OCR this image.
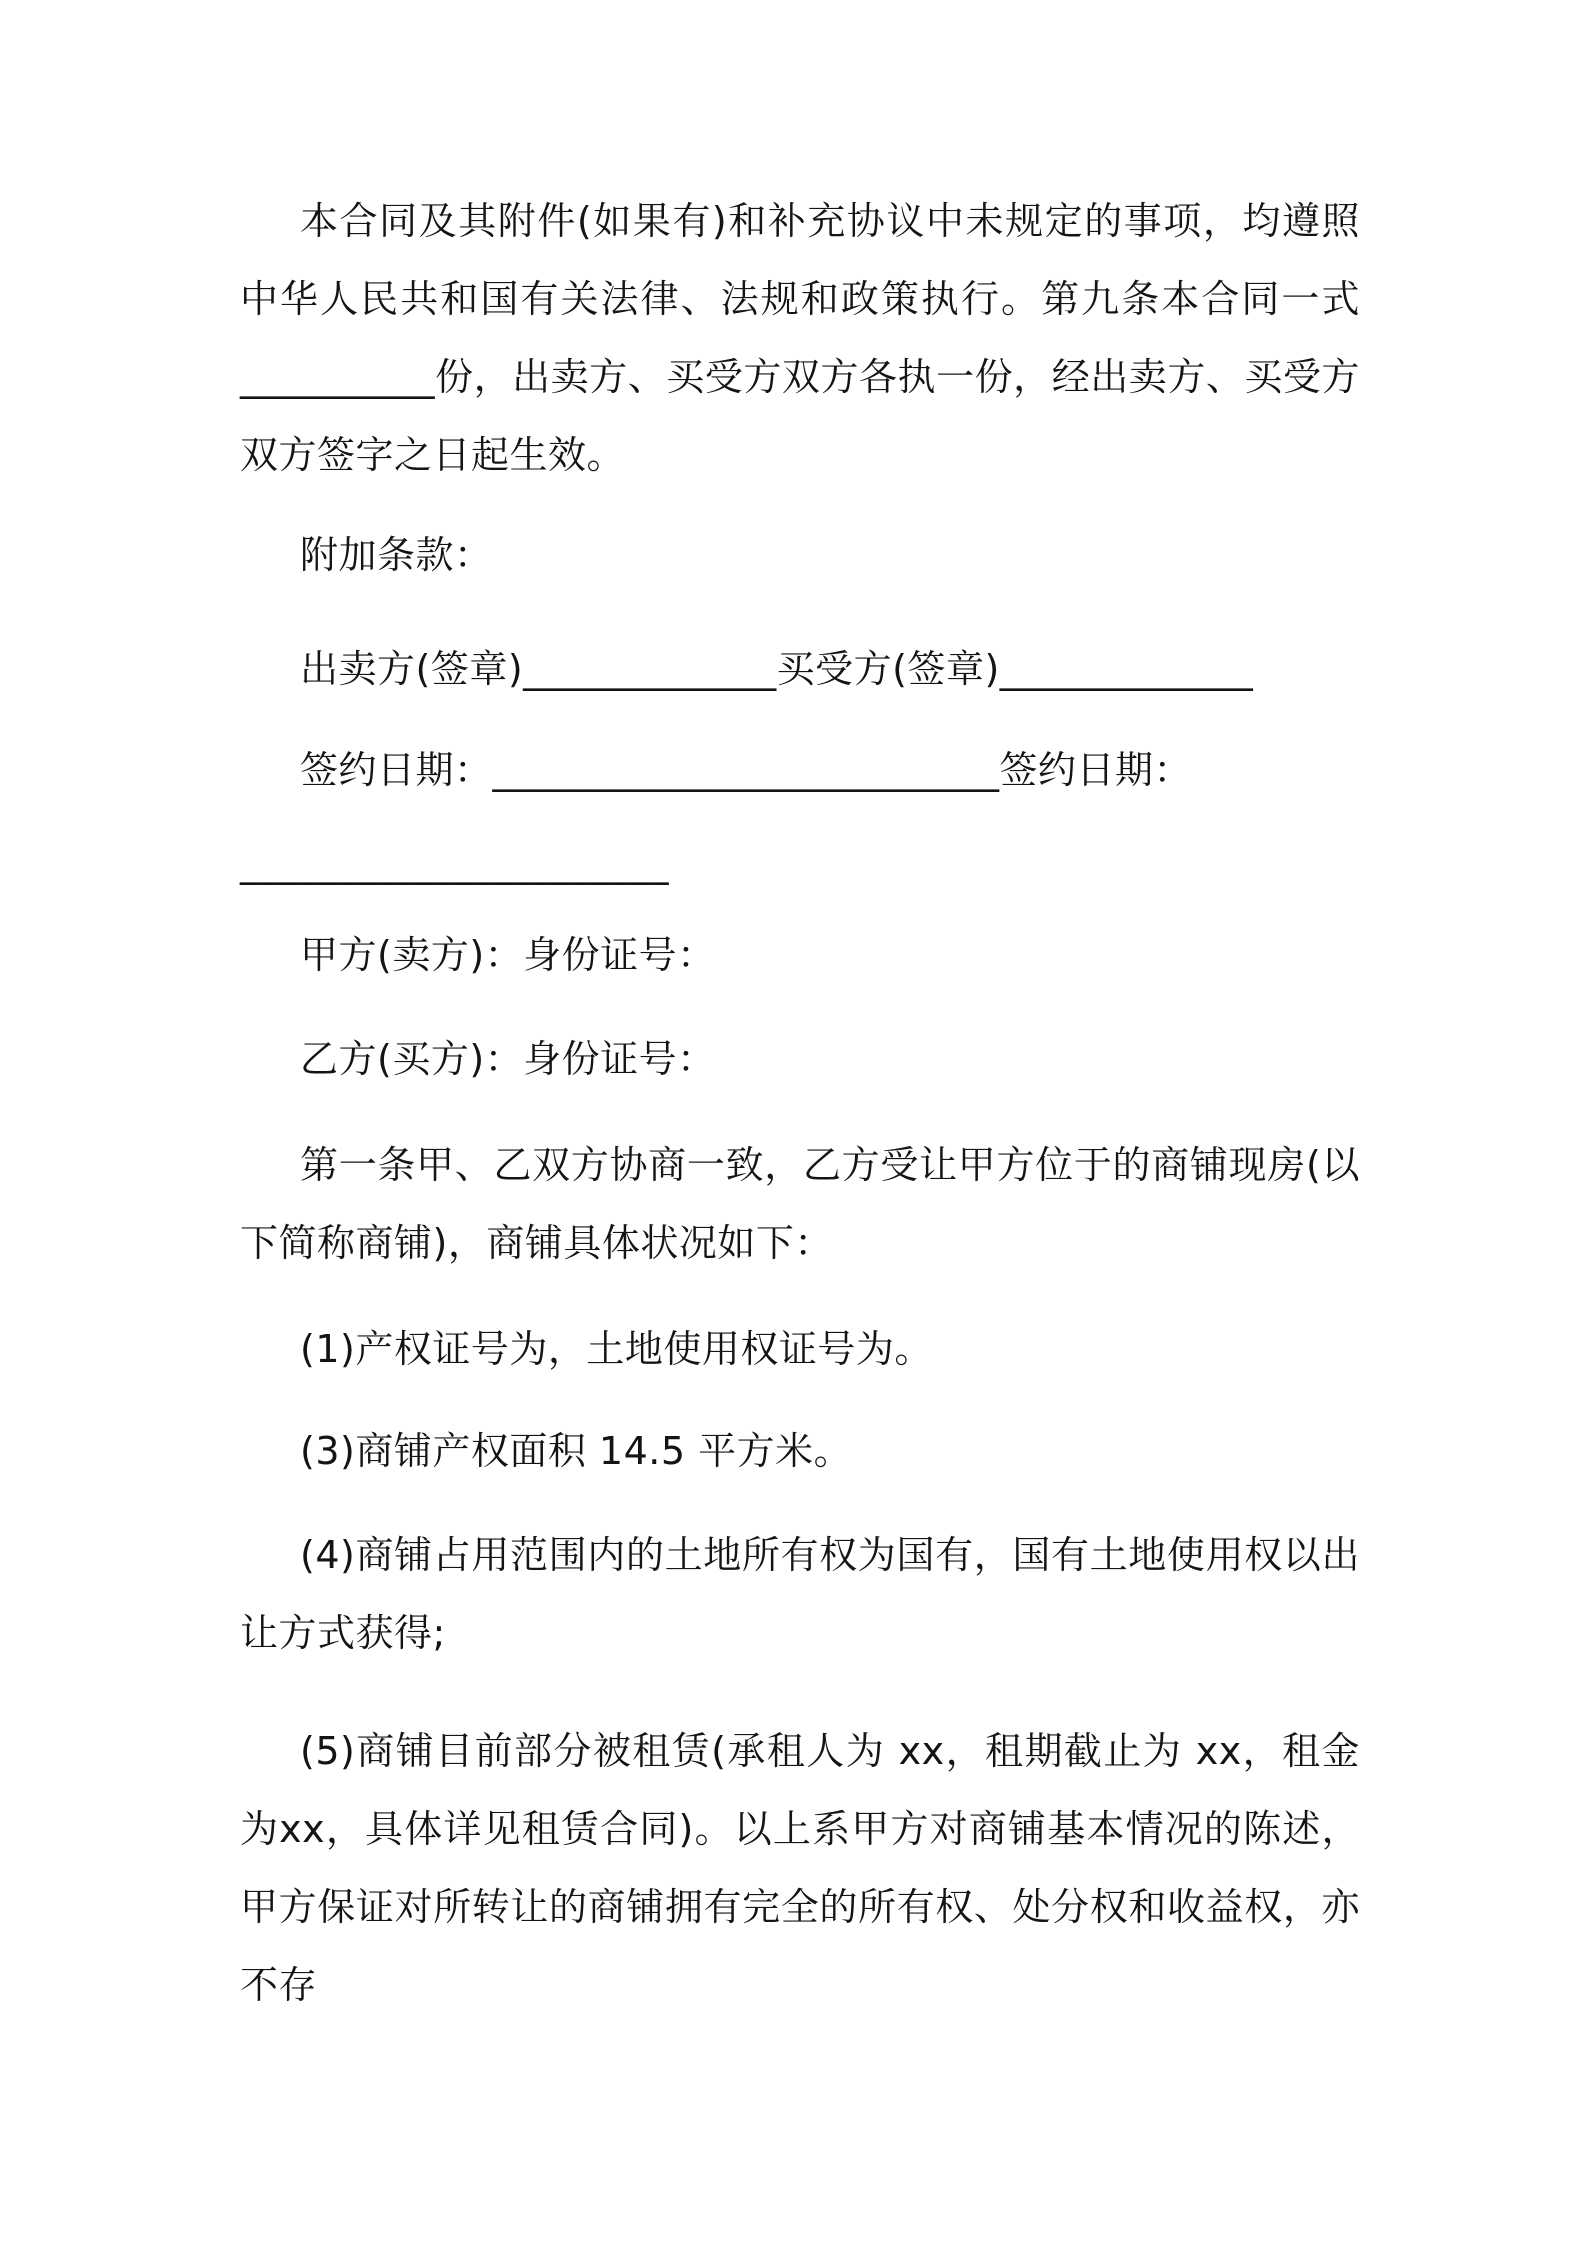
本合同及其附件(如果有)和补充协议中未规定的事项，均遵照中华人民共和国有关法律、法规和政策执行。第九条本合同一式__________份，出卖方、买受方双方各执一份，经出卖方、买受方双方签字之日起生效。

附加条款：

出卖方(签章)_____________买受方(签章)_____________

签约日期：__________________________签约日期：

______________________

甲方(卖方)：身份证号：

乙方(买方)：身份证号：

第一条甲、乙双方协商一致，乙方受让甲方位于的商铺现房(以下简称商铺)，商铺具体状况如下：

(1)产权证号为，土地使用权证号为。

(3)商铺产权面积 14.5 平方米。

(4)商铺占用范围内的土地所有权为国有，国有土地使用权以出让方式获得;

(5)商铺目前部分被租赁(承租人为 xx，租期截止为 xx，租金为xx，具体详见租赁合同)。以上系甲方对商铺基本情况的陈述，甲方保证对所转让的商铺拥有完全的所有权、处分权和收益权，亦不存
